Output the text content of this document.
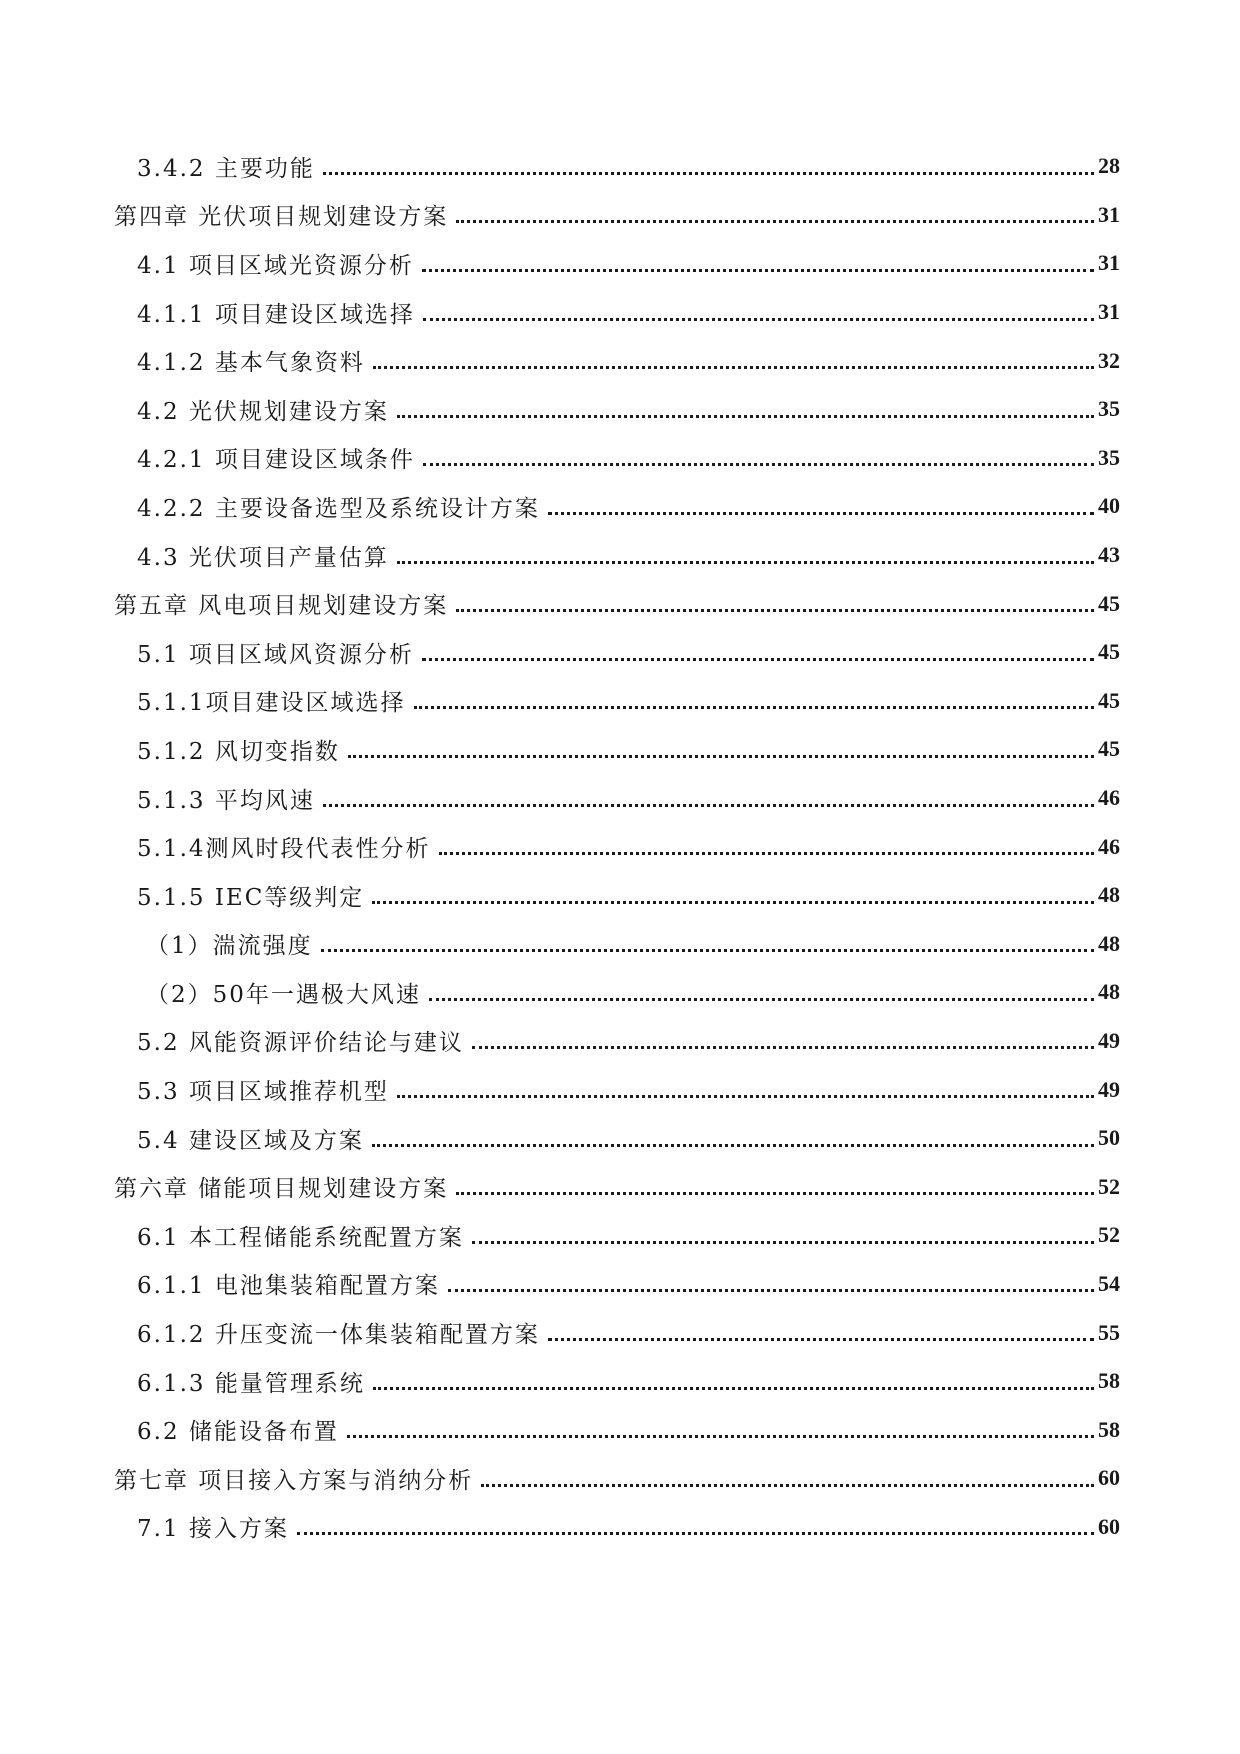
3.4.2 主要功能	28
第四章 光伏项目规划建设方案	31
4.1 项目区域光资源分析	31
4.1.1 项目建设区域选择	31
4.1.2 基本气象资料	32
4.2 光伏规划建设方案	35
4.2.1 项目建设区域条件	35
4.2.2 主要设备选型及系统设计方案	40
4.3 光伏项目产量估算	43
第五章 风电项目规划建设方案	45
5.1 项目区域风资源分析	45
5.1.1项目建设区域选择	45
5.1.2 风切变指数	45
5.1.3 平均风速	46
5.1.4测风时段代表性分析	46
5.1.5 IEC等级判定	48
（1）湍流强度	48
（2）50年一遇极大风速	48
5.2 风能资源评价结论与建议	49
5.3 项目区域推荐机型	49
5.4 建设区域及方案	50
第六章 储能项目规划建设方案	52
6.1 本工程储能系统配置方案	52
6.1.1 电池集装箱配置方案	54
6.1.2 升压变流一体集装箱配置方案	55
6.1.3 能量管理系统	58
6.2 储能设备布置	58
第七章 项目接入方案与消纳分析	60
7.1 接入方案	60
